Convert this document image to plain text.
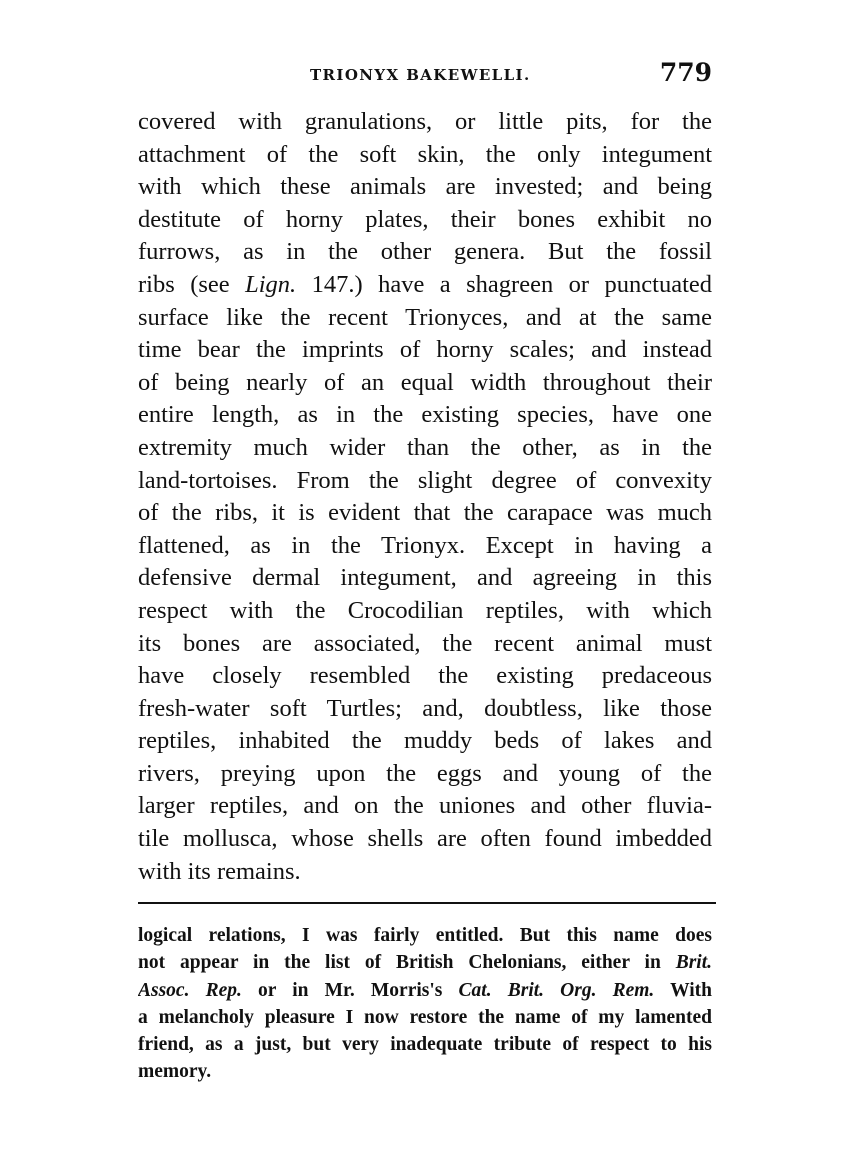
TRIONYX BAKEWELLI.	779
covered with granulations, or little pits, for the
attachment of the soft skin, the only integument
with which these animals are invested; and being
destitute of horny plates, their bones exhibit no
furrows, as in the other genera. But the fossil
ribs (see Lign. 147.) have a shagreen or punctuated
surface like the recent Trionyces, and at the same
time bear the imprints of horny scales; and instead
of being nearly of an equal width throughout their
entire length, as in the existing species, have one
extremity much wider than the other, as in the
land-tortoises. From the slight degree of convexity
of the ribs, it is evident that the carapace was much
flattened, as in the Trionyx. Except in having a
defensive dermal integument, and agreeing in this
respect with the Crocodilian reptiles, with which
its bones are associated, the recent animal must
have closely resembled the existing predaceous
fresh-water soft Turtles; and, doubtless, like those
reptiles, inhabited the muddy beds of lakes and
rivers, preying upon the eggs and young of the
larger reptiles, and on the uniones and other fluvia-
tile mollusca, whose shells are often found imbedded
with its remains.
logical relations, I was fairly entitled. But this name does
not appear in the list of British Chelonians, either in Brit.
Assoc. Rep. or in Mr. Morris's Cat. Brit. Org. Rem. With
a melancholy pleasure I now restore the name of my lamented
friend, as a just, but very inadequate tribute of respect to his
memory.
